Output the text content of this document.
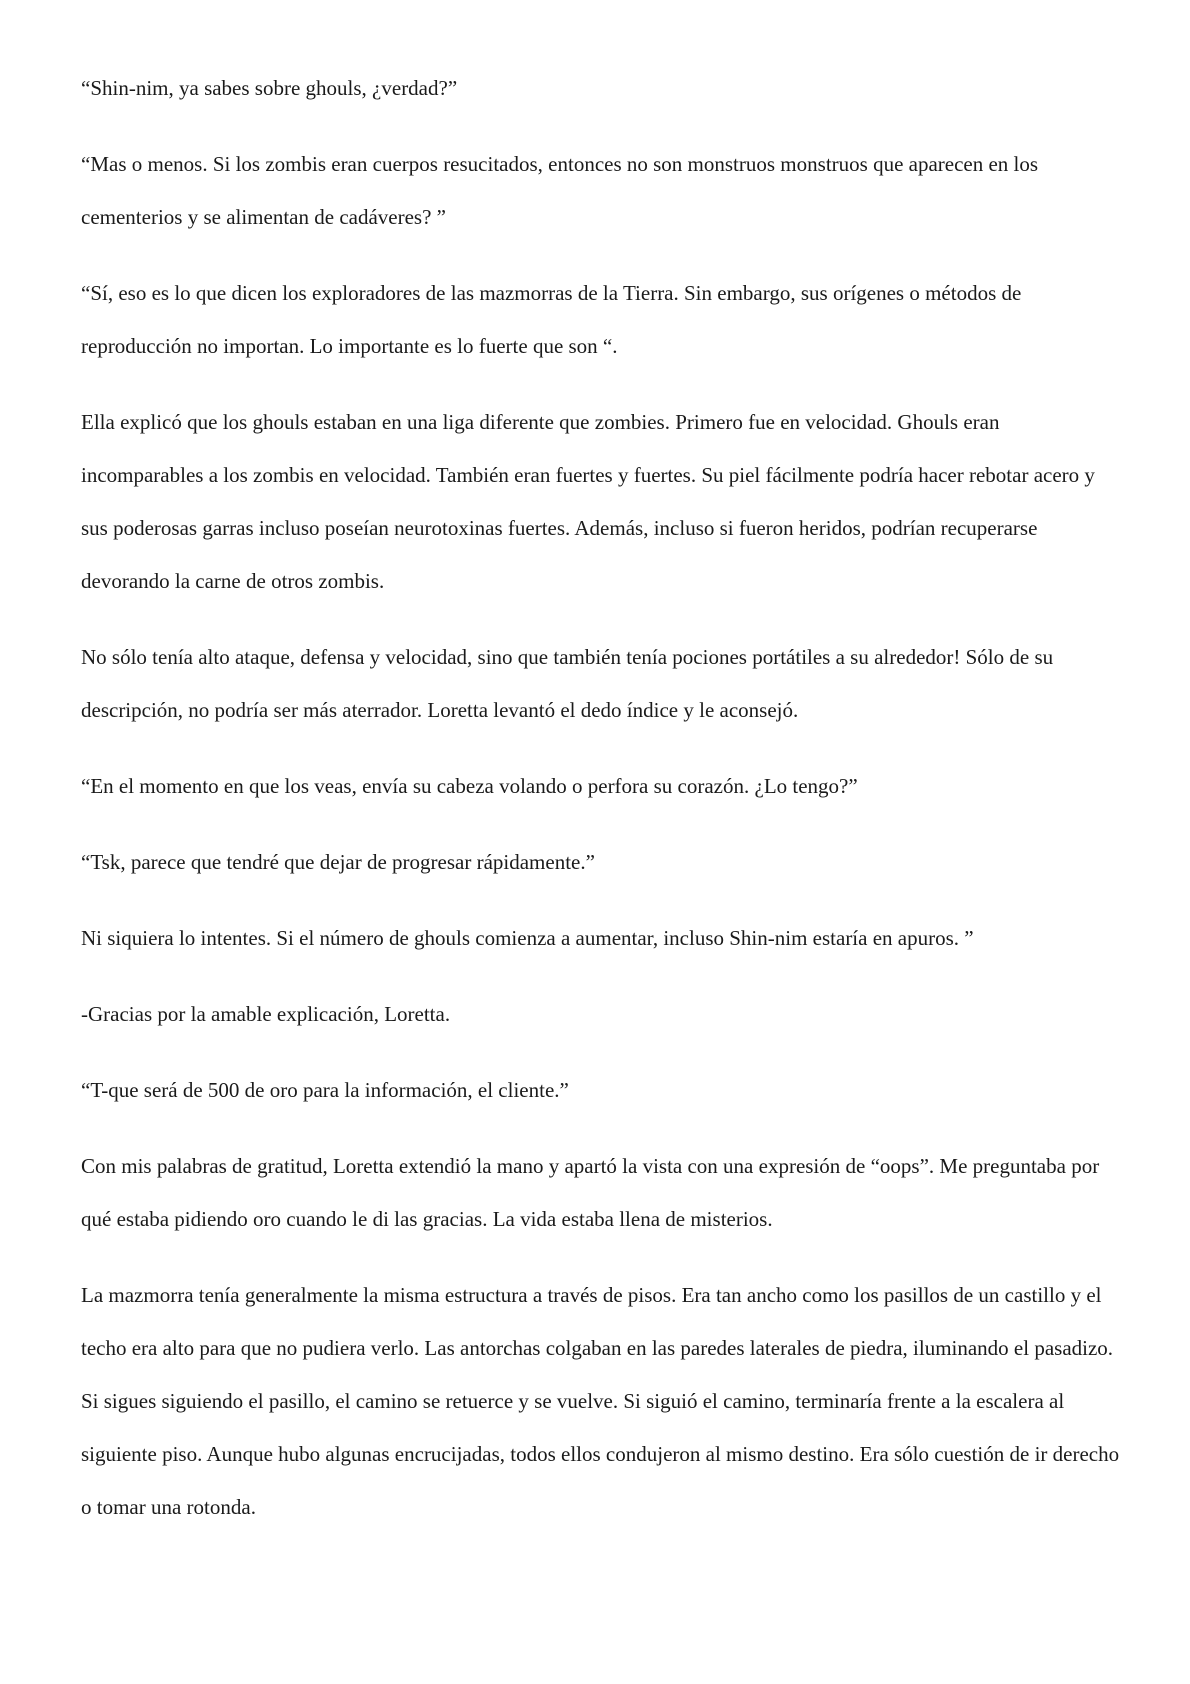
“Shin-nim, ya sabes sobre ghouls, ¿verdad?”

“Mas o menos. Si los zombis eran cuerpos resucitados, entonces no son monstruos monstruos que aparecen en los cementerios y se alimentan de cadáveres? ”

“Sí, eso es lo que dicen los exploradores de las mazmorras de la Tierra. Sin embargo, sus orígenes o métodos de reproducción no importan. Lo importante es lo fuerte que son “.

Ella explicó que los ghouls estaban en una liga diferente que zombies. Primero fue en velocidad. Ghouls eran incomparables a los zombis en velocidad. También eran fuertes y fuertes. Su piel fácilmente podría hacer rebotar acero y sus poderosas garras incluso poseían neurotoxinas fuertes. Además, incluso si fueron heridos, podrían recuperarse devorando la carne de otros zombis.

No sólo tenía alto ataque, defensa y velocidad, sino que también tenía pociones portátiles a su alrededor! Sólo de su descripción, no podría ser más aterrador. Loretta levantó el dedo índice y le aconsejó.

“En el momento en que los veas, envía su cabeza volando o perfora su corazón. ¿Lo tengo?”

“Tsk, parece que tendré que dejar de progresar rápidamente.”

Ni siquiera lo intentes. Si el número de ghouls comienza a aumentar, incluso Shin-nim estaría en apuros. ”

-Gracias por la amable explicación, Loretta.

“T-que será de 500 de oro para la información, el cliente.”

Con mis palabras de gratitud, Loretta extendió la mano y apartó la vista con una expresión de “oops”. Me preguntaba por qué estaba pidiendo oro cuando le di las gracias. La vida estaba llena de misterios.

La mazmorra tenía generalmente la misma estructura a través de pisos. Era tan ancho como los pasillos de un castillo y el techo era alto para que no pudiera verlo. Las antorchas colgaban en las paredes laterales de piedra, iluminando el pasadizo. Si sigues siguiendo el pasillo, el camino se retuerce y se vuelve. Si siguió el camino, terminaría frente a la escalera al siguiente piso. Aunque hubo algunas encrucijadas, todos ellos condujeron al mismo destino. Era sólo cuestión de ir derecho o tomar una rotonda.
